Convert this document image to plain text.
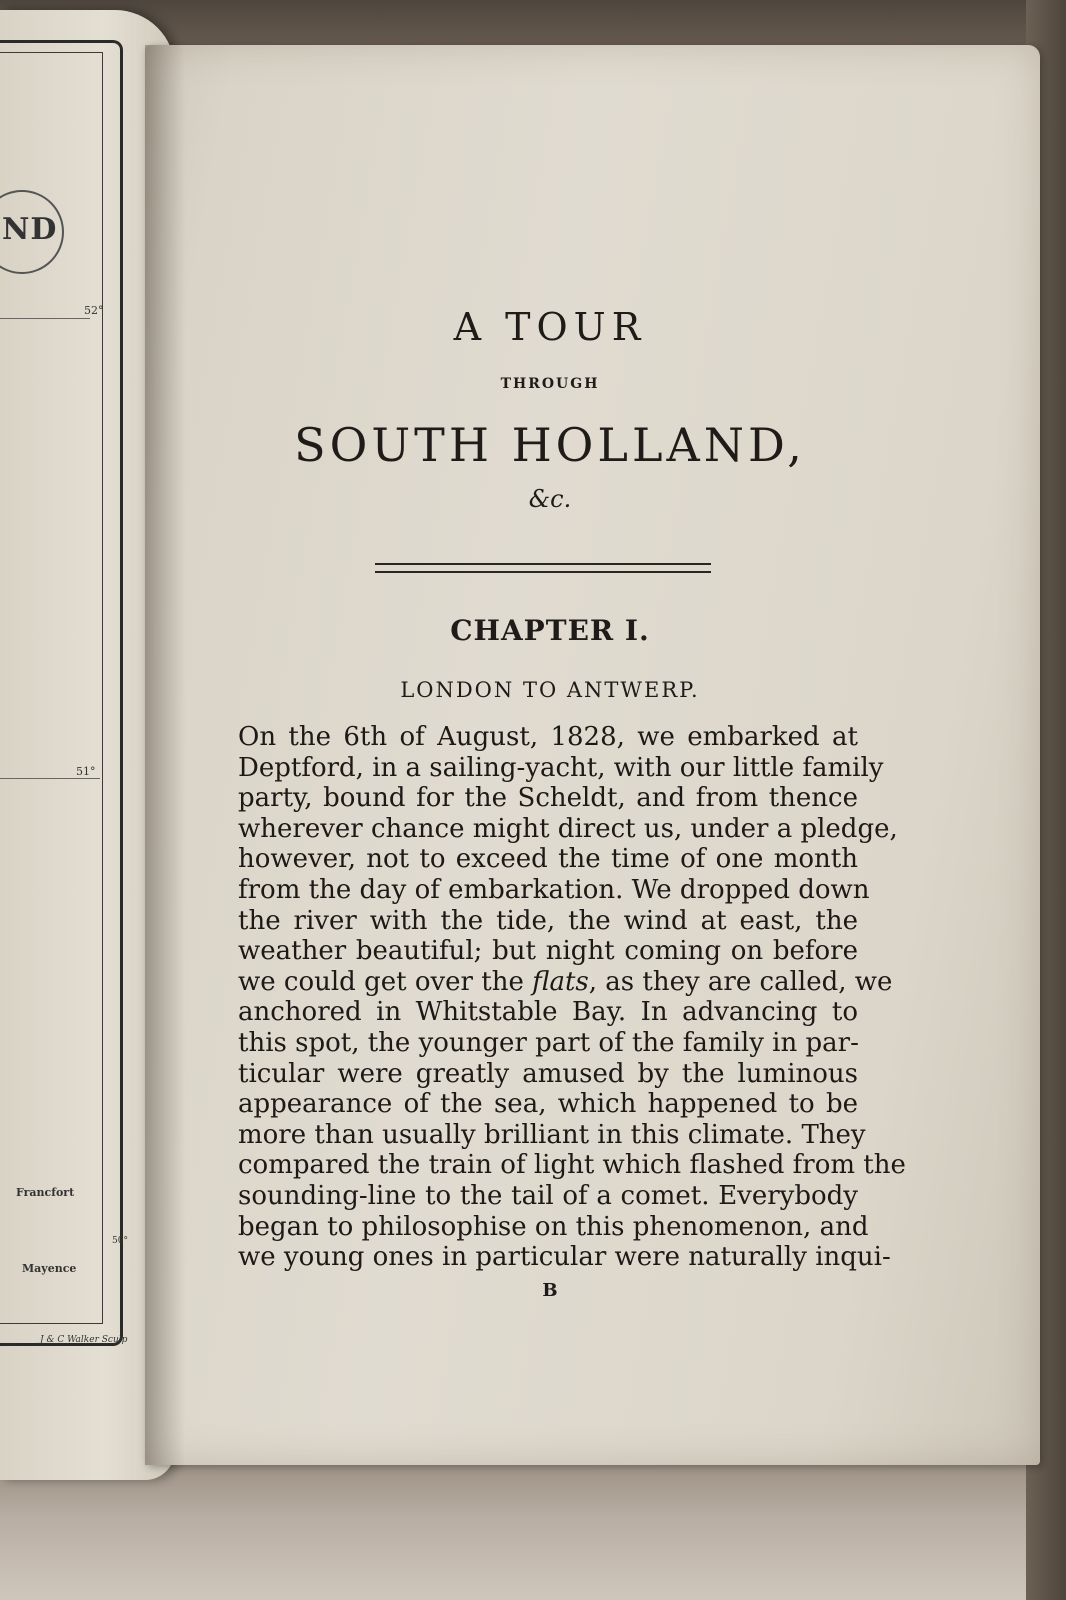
ND
52°
51°
Francfort
50°
Mayence
J & C Walker Sculp
A TOUR
THROUGH
SOUTH HOLLAND,
&c.
CHAPTER I.
LONDON TO ANTWERP.
On the 6th of August, 1828, we embarked at
Deptford, in a sailing-yacht, with our little family
party, bound for the Scheldt, and from thence
wherever chance might direct us, under a pledge,
however, not to exceed the time of one month
from the day of embarkation. We dropped down
the river with the tide, the wind at east, the
weather beautiful; but night coming on before
we could get over the flats, as they are called, we
anchored in Whitstable Bay. In advancing to
this spot, the younger part of the family in par-
ticular were greatly amused by the luminous
appearance of the sea, which happened to be
more than usually brilliant in this climate. They
compared the train of light which flashed from the
sounding-line to the tail of a comet. Everybody
began to philosophise on this phenomenon, and
we young ones in particular were naturally inqui-
B
